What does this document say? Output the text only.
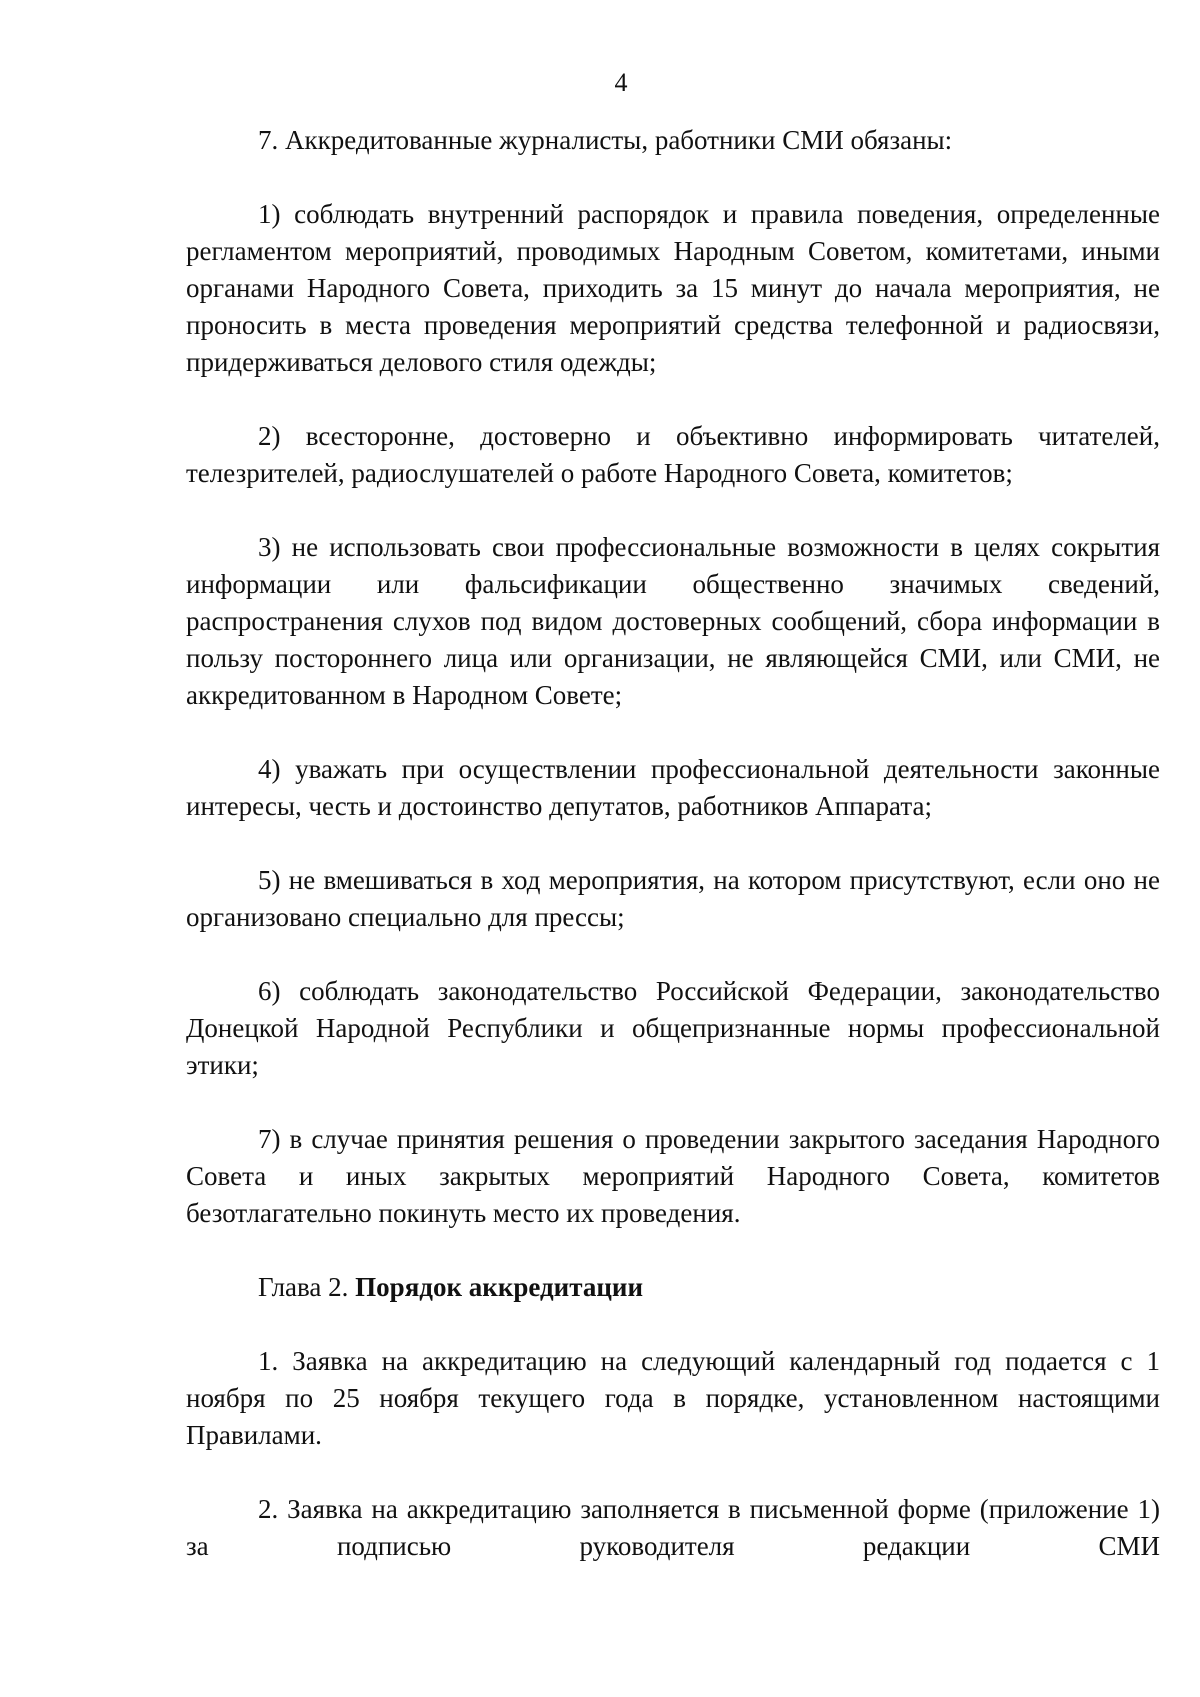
4

7. Аккредитованные журналисты, работники СМИ обязаны:

1) соблюдать внутренний распорядок и правила поведения, определенные регламентом мероприятий, проводимых Народным Советом, комитетами, иными органами Народного Совета, приходить за 15 минут до начала мероприятия, не проносить в места проведения мероприятий средства телефонной и радиосвязи, придерживаться делового стиля одежды;

2) всесторонне, достоверно и объективно информировать читателей, телезрителей, радиослушателей о работе Народного Совета, комитетов;

3) не использовать свои профессиональные возможности в целях сокрытия информации или фальсификации общественно значимых сведений, распространения слухов под видом достоверных сообщений, сбора информации в пользу постороннего лица или организации, не являющейся СМИ, или СМИ, не аккредитованном в Народном Совете;

4) уважать при осуществлении профессиональной деятельности законные интересы, честь и достоинство депутатов, работников Аппарата;

5) не вмешиваться в ход мероприятия, на котором присутствуют, если оно не организовано специально для прессы;

6) соблюдать законодательство Российской Федерации, законодательство Донецкой Народной Республики и общепризнанные нормы профессиональной этики;

7) в случае принятия решения о проведении закрытого заседания Народного Совета и иных закрытых мероприятий Народного Совета, комитетов безотлагательно покинуть место их проведения.

Глава 2. Порядок аккредитации

1. Заявка на аккредитацию на следующий календарный год подается с 1 ноября по 25 ноября текущего года в порядке, установленном настоящими Правилами.

2. Заявка на аккредитацию заполняется в письменной форме (приложение 1) за подписью руководителя редакции СМИ
